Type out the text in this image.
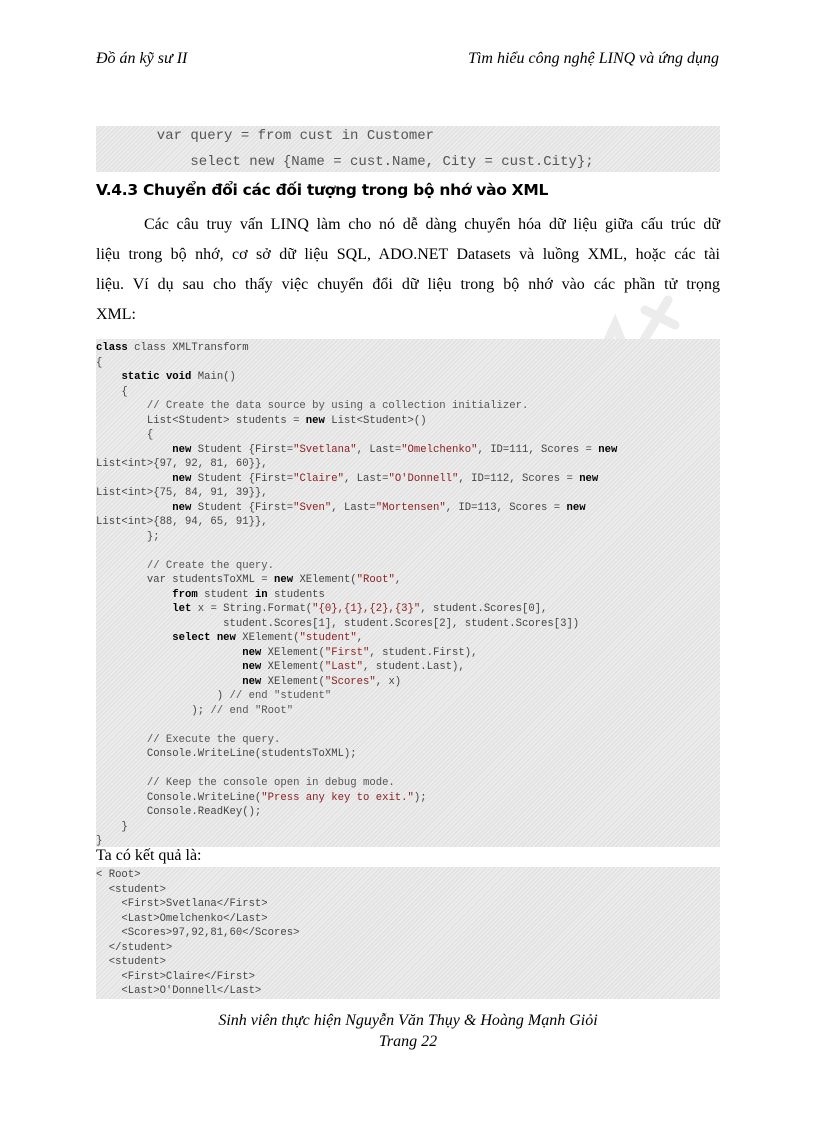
Đồ án kỹ sư II	Tìm hiểu công nghệ LINQ và ứng dụng
var query = from cust in Customer
select new {Name = cust.Name, City = cust.City};
V.4.3 Chuyển đổi các đối tượng trong bộ nhớ vào XML
Các câu truy vấn LINQ làm cho nó dễ dàng chuyển hóa dữ liệu giữa cấu trúc dữ
liệu trong bộ nhớ, cơ sở dữ liệu SQL, ADO.NET Datasets và luồng XML, hoặc các tài
liệu. Ví dụ sau cho thấy việc chuyển đổi dữ liệu trong bộ nhớ vào các phần tử trọng
XML:
class class XMLTransform
{
static void Main()
{
// Create the data source by using a collection initializer.
List<Student> students = new List<Student>()
{
new Student {First="Svetlana", Last="Omelchenko", ID=111, Scores = new
List<int>{97, 92, 81, 60}},
new Student {First="Claire", Last="O'Donnell", ID=112, Scores = new
List<int>{75, 84, 91, 39}},
new Student {First="Sven", Last="Mortensen", ID=113, Scores = new
List<int>{88, 94, 65, 91}},
};
// Create the query.
var studentsToXML = new XElement("Root",
from student in students
let x = String.Format("{0},{1},{2},{3}", student.Scores[0],
student.Scores[1], student.Scores[2], student.Scores[3])
select new XElement("student",
new XElement("First", student.First),
new XElement("Last", student.Last),
new XElement("Scores", x)
) // end "student"
); // end "Root"
// Execute the query.
Console.WriteLine(studentsToXML);
// Keep the console open in debug mode.
Console.WriteLine("Press any key to exit.");
Console.ReadKey();
}
}
Ta có kết quả là:
< Root>
<student>
<First>Svetlana</First>
<Last>Omelchenko</Last>
<Scores>97,92,81,60</Scores>
</student>
<student>
<First>Claire</First>
<Last>O'Donnell</Last>
Sinh viên thực hiện Nguyễn Văn Thụy & Hoàng Mạnh Giỏi
Trang 22
